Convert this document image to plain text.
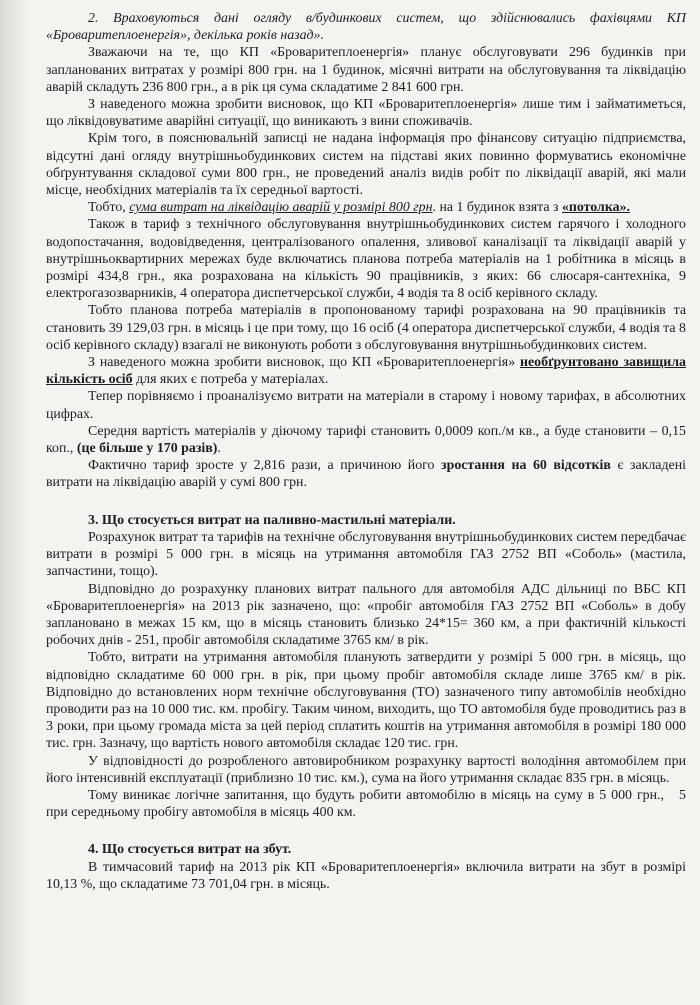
2. Враховуються дані огляду в/будинкових систем, що здійснювались фахівцями КП «Броваритеплоенергія», декілька років назад».

Зважаючи на те, що КП «Броваритеплоенергія» планує обслуговувати 296 будинків при запланованих витратах у розмірі 800 грн. на 1 будинок, місячні витрати на обслуговування та ліквідацію аварій складуть 236 800 грн., а в рік ця сума складатиме 2 841 600 грн.

З наведеного можна зробити висновок, що КП «Броваритеплоенергія» лише тим і займатиметься, що ліквідовуватиме аварійні ситуації, що виникають з вини споживачів.

Крім того, в пояснювальній записці не надана інформація про фінансову ситуацію підприємства, відсутні дані огляду внутрішньобудинкових систем на підставі яких повинно формуватись економічне обґрунтування складової суми 800 грн., не проведений аналіз видів робіт по ліквідації аварій, які мали місце, необхідних матеріалів та їх середньої вартості.

Тобто, сума витрат на ліквідацію аварій у розмірі 800 грн. на 1 будинок взята з «потолка».

Також в тариф з технічного обслуговування внутрішньобудинкових систем гарячого і холодного водопостачання, водовідведення, централізованого опалення, зливової каналізації та ліквідації аварій у внутрішньоквартирних мережах буде включатись планова потреба матеріалів на 1 робітника в місяць в розмірі 434,8 грн., яка розрахована на кількість 90 працівників, з яких: 66 слюсаря-сантехніка, 9 електрогазозварників, 4 оператора диспетчерської служби, 4 водія та 8 осіб керівного складу.

Тобто планова потреба матеріалів в пропонованому тарифі розрахована на 90 працівників та становить 39 129,03 грн. в місяць і це при тому, що 16 осіб (4 оператора диспетчерської служби, 4 водія та 8 осіб керівного складу) взагалі не виконують роботи з обслуговування внутрішньобудинкових систем.

З наведеного можна зробити висновок, що КП «Броваритеплоенергія» необґрунтовано завищила кількість осіб для яких є потреба у матеріалах.

Тепер порівняємо і проаналізуємо витрати на матеріали в старому і новому тарифах, в абсолютних цифрах.

Середня вартість матеріалів у діючому тарифі становить 0,0009 коп./м кв., а буде становити – 0,15 коп., (це більше у 170 разів).

Фактично тариф зросте у 2,816 рази, а причиною його зростання на 60 відсотків є закладені витрати на ліквідацію аварій у сумі 800 грн.

3. Що стосується витрат на паливно-мастильні матеріали.

Розрахунок витрат та тарифів на технічне обслуговування внутрішньобудинкових систем передбачає витрати в розмірі 5 000 грн. в місяць на утримання автомобіля ГАЗ 2752 ВП «Соболь» (мастила, запчастини, тощо).

Відповідно до розрахунку планових витрат пального для автомобіля АДС дільниці по ВБС КП «Броваритеплоенергія» на 2013 рік зазначено, що: «пробіг автомобіля ГАЗ 2752 ВП «Соболь» в добу заплановано в межах 15 км, що в місяць становить близько 24*15= 360 км, а при фактичній кількості робочих днів - 251, пробіг автомобіля складатиме 3765 км/ в рік.

Тобто, витрати на утримання автомобіля планують затвердити у розмірі 5 000 грн. в місяць, що відповідно складатиме 60 000 грн. в рік, при цьому пробіг автомобіля складе лише 3765 км/ в рік. Відповідно до встановлених норм технічне обслуговування (ТО) зазначеного типу автомобілів необхідно проводити раз на 10 000 тис. км. пробігу. Таким чином, виходить, що ТО автомобіля буде проводитись раз в 3 роки, при цьому громада міста за цей період сплатить коштів на утримання автомобіля в розмірі 180 000 тис. грн. Зазначу, що вартість нового автомобіля складає 120 тис. грн.

У відповідності до розробленого автовиробником розрахунку вартості володіння автомобілем при його інтенсивній експлуатації (приблизно 10 тис. км.), сума на його утримання складає 835 грн. в місяць.

Тому виникає логічне запитання, що будуть робити автомобілю в місяць на суму в 5 000 грн., при середньому пробігу автомобіля в місяць 400 км.
5

4. Що стосується витрат на збут.

В тимчасовий тариф на 2013 рік КП «Броваритеплоенергія» включила витрати на збут в розмірі 10,13 %, що складатиме 73 701,04 грн. в місяць.
